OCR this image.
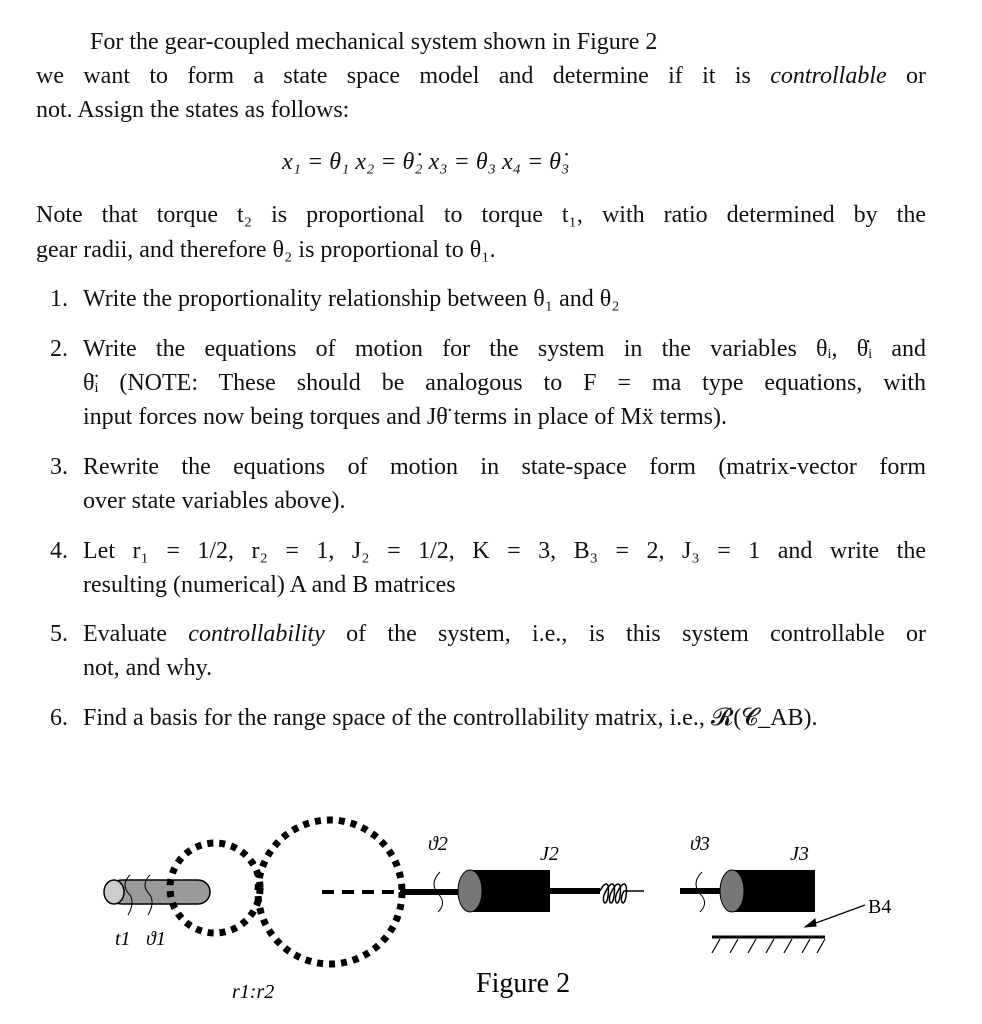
For the gear-coupled mechanical system shown in Figure 2
we want to form a state space model and determine if it is controllable or
not. Assign the states as follows:
x₁ = θ₁ x₂ = θ̇₂ x₃ = θ₃ x₄ = θ̇₃
Note that torque t₂ is proportional to torque t₁, with ratio determined by the
gear radii, and therefore θ₂ is proportional to θ₁.
1. Write the proportionality relationship between θ₁ and θ₂
2. Write the equations of motion for the system in the variables θᵢ, θ̇ᵢ and
θ̈ᵢ (NOTE: These should be analogous to F = ma type equations, with
input forces now being torques and Jθ̈ terms in place of Mẍ terms).
3. Rewrite the equations of motion in state-space form (matrix-vector form
over state variables above).
4. Let r₁ = 1/2, r₂ = 1, J₂ = 1/2, K = 3, B₃ = 2, J₃ = 1 and write the
resulting (numerical) A and B matrices
5. Evaluate controllability of the system, i.e., is this system controllable or
not, and why.
6. Find a basis for the range space of the controllability matrix, i.e., 𝓡(𝓒_AB).
t1 ϑ1
r1:r2
ϑ2	J2	ϑ3	J3
B4
Figure 2
